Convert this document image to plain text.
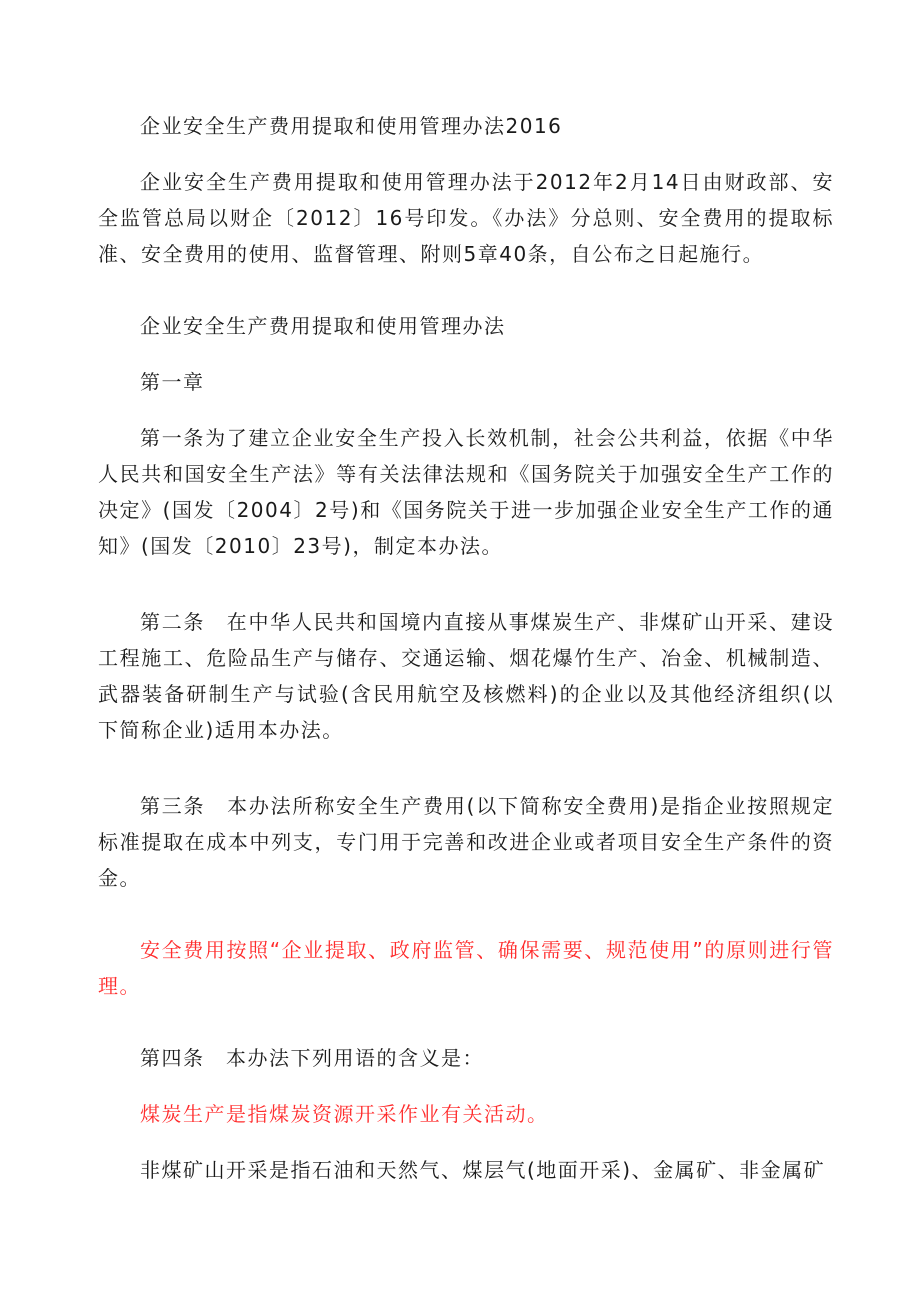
企业安全生产费用提取和使用管理办法2016
企业安全生产费用提取和使用管理办法于2012年2月14日由财政部、安全监管总局以财企〔2012〕16号印发。《办法》分总则、安全费用的提取标准、安全费用的使用、监督管理、附则5章40条，自公布之日起施行。
企业安全生产费用提取和使用管理办法
第一章
第一条为了建立企业安全生产投入长效机制，社会公共利益，依据《中华人民共和国安全生产法》等有关法律法规和《国务院关于加强安全生产工作的决定》(国发〔2004〕2号)和《国务院关于进一步加强企业安全生产工作的通知》(国发〔2010〕23号)，制定本办法。
第二条　在中华人民共和国境内直接从事煤炭生产、非煤矿山开采、建设工程施工、危险品生产与储存、交通运输、烟花爆竹生产、冶金、机械制造、武器装备研制生产与试验(含民用航空及核燃料)的企业以及其他经济组织(以下简称企业)适用本办法。
第三条　本办法所称安全生产费用(以下简称安全费用)是指企业按照规定标准提取在成本中列支，专门用于完善和改进企业或者项目安全生产条件的资金。
安全费用按照“企业提取、政府监管、确保需要、规范使用”的原则进行管理。
第四条　本办法下列用语的含义是：
煤炭生产是指煤炭资源开采作业有关活动。
非煤矿山开采是指石油和天然气、煤层气(地面开采)、金属矿、非金属矿
